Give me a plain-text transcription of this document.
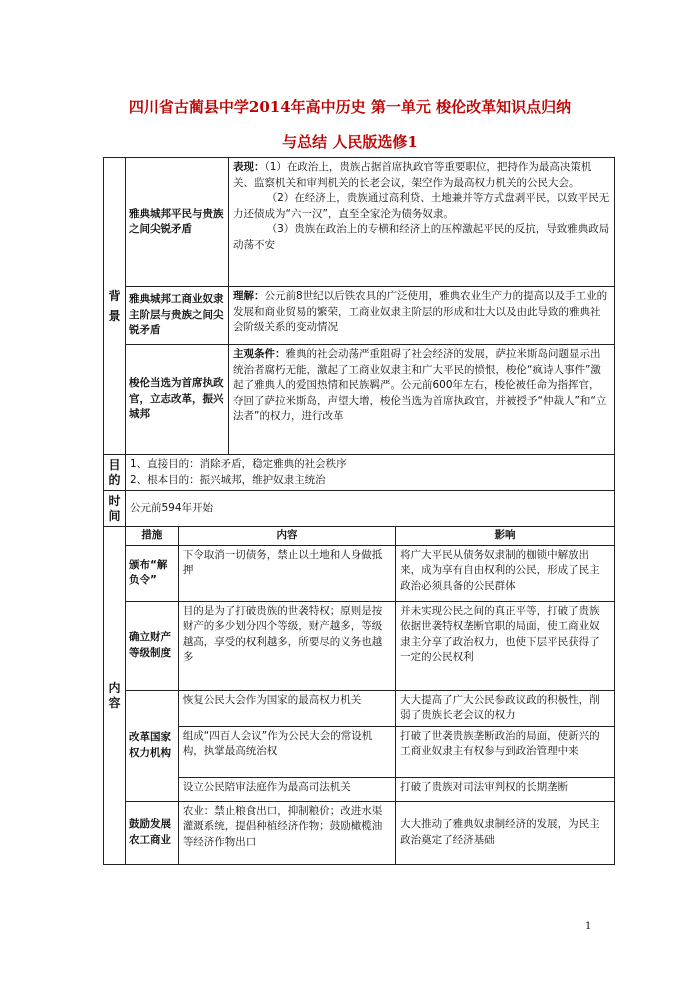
四川省古蔺县中学2014年高中历史 第一单元 梭伦改革知识点归纳
与总结 人民版选修1
背景	雅典城邦平民与贵族之间尖锐矛盾	表现：（1）在政治上，贵族占据首席执政官等重要职位，把持作为最高决策机关、监察机关和审判机关的长老会议，架空作为最高权力机关的公民大会。
（2）在经济上，贵族通过高利贷、土地兼并等方式盘剥平民，以致平民无力还债成为“六一汉”，直至全家沦为债务奴隶。
（3）贵族在政治上的专横和经济上的压榨激起平民的反抗，导致雅典政局动荡不安

雅典城邦工商业奴隶主阶层与贵族之间尖锐矛盾	理解：公元前8世纪以后铁农具的广泛使用，雅典农业生产力的提高以及手工业的发展和商业贸易的繁荣，工商业奴隶主阶层的形成和壮大以及由此导致的雅典社会阶级关系的变动情况
梭伦当选为首席执政官，立志改革，振兴城邦	主观条件：雅典的社会动荡严重阻碍了社会经济的发展，萨拉米斯岛问题显示出统治者腐朽无能，激起了工商业奴隶主和广大平民的愤恨，梭伦“疯诗人事件”激起了雅典人的爱国热情和民族羁严。公元前600年左右，梭伦被任命为指挥官，夺回了萨拉米斯岛，声望大增，梭伦当选为首席执政官，并被授予“仲裁人”和“立法者”的权力，进行改革
目的	
1、直接目的：消除矛盾，稳定雅典的社会秩序
2、根本目的：振兴城邦，维护奴隶主统治

时间	公元前594年开始
内容	
措施	内容	影响
颁布“解负令”	下令取消一切债务，禁止以土地和人身做抵押	将广大平民从债务奴隶制的枷锁中解放出来，成为享有自由权利的公民，形成了民主政治必须具备的公民群体
确立财产等级制度	目的是为了打破贵族的世袭特权；原则是按财产的多少划分四个等级，财产越多，等级越高，享受的权利越多，所要尽的义务也越多	并未实现公民之间的真正平等，打破了贵族依据世袭特权垄断官职的局面，使工商业奴隶主分享了政治权力，也使下层平民获得了一定的公民权利
改革国家权力机构	恢复公民大会作为国家的最高权力机关	大大提高了广大公民参政议政的积极性，削弱了贵族长老会议的权力
组成“四百人会议”作为公民大会的常设机构，执掌最高统治权	打破了世袭贵族垄断政治的局面，使新兴的工商业奴隶主有权参与到政治管理中来
设立公民陪审法庭作为最高司法机关	打破了贵族对司法审判权的长期垄断
鼓励发展农工商业	农业：禁止粮食出口，抑制粮价；改进水渠灌溉系统，提倡种植经济作物；鼓励橄榄油等经济作物出口	大大推动了雅典奴隶制经济的发展，为民主政治奠定了经济基础
1
